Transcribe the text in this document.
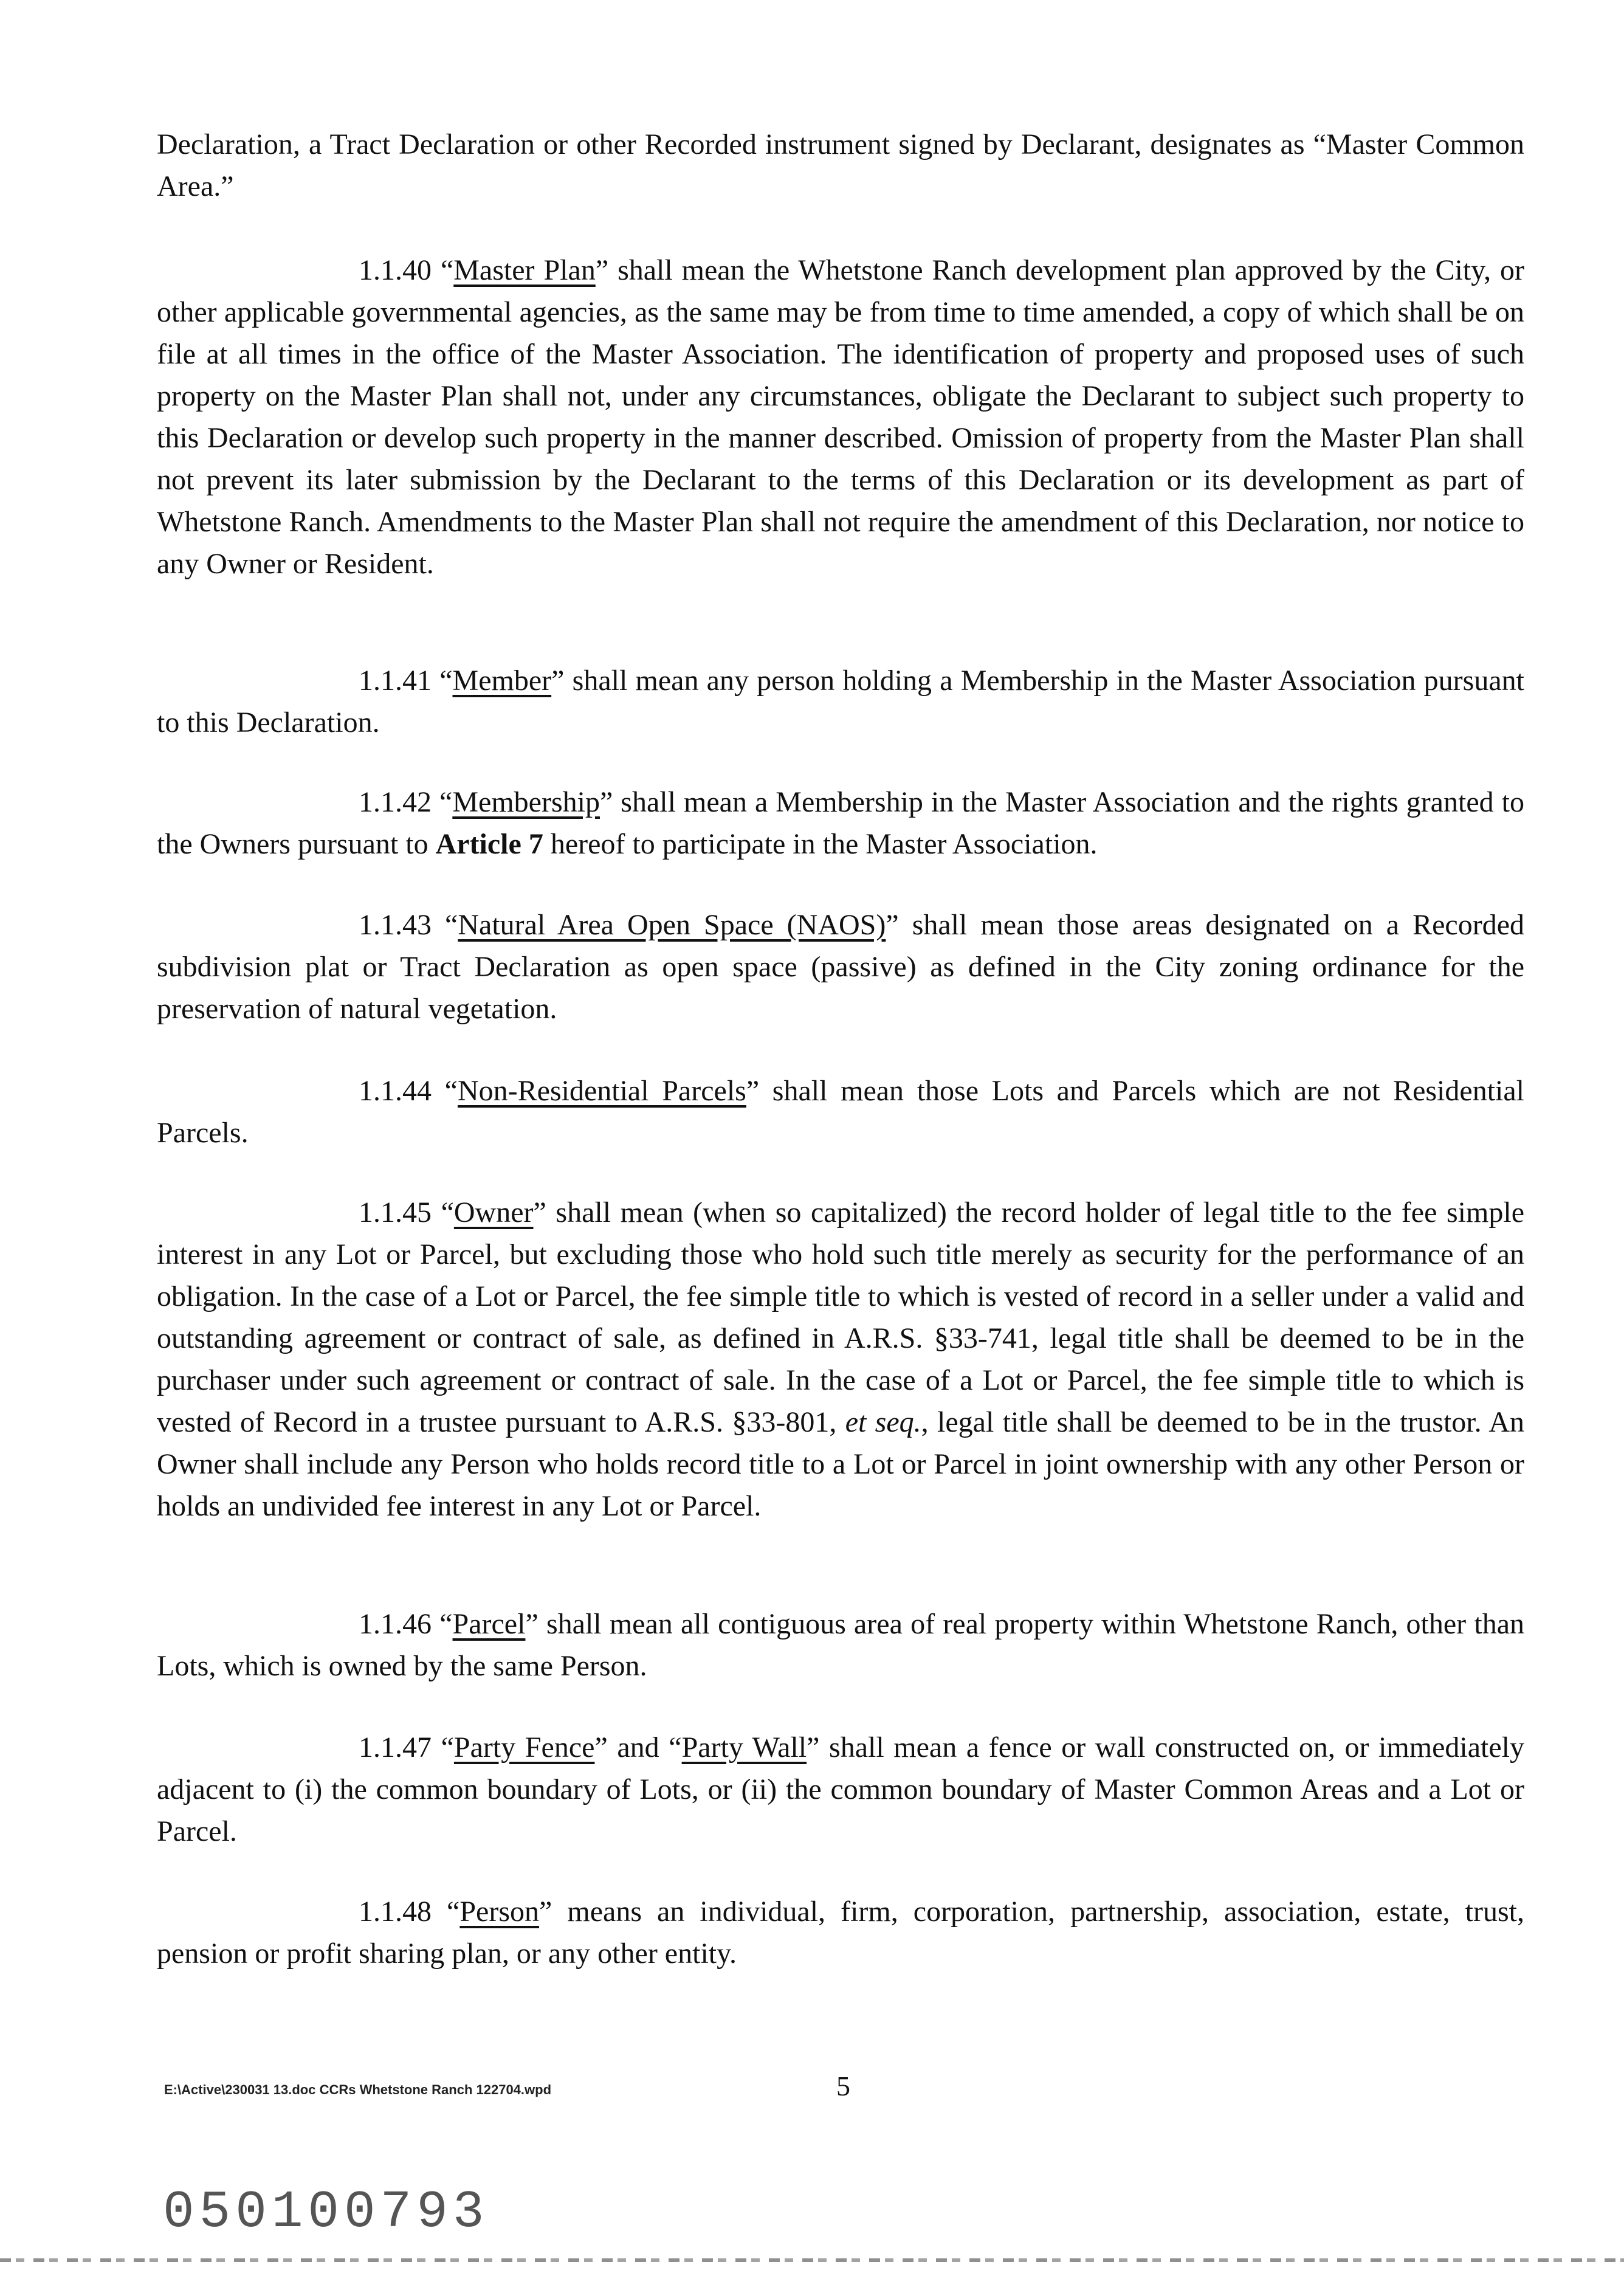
Declaration, a Tract Declaration or other Recorded instrument signed by Declarant, designates as “Master Common Area.”

1.1.40 “Master Plan” shall mean the Whetstone Ranch development plan approved by the City, or other applicable governmental agencies, as the same may be from time to time amended, a copy of which shall be on file at all times in the office of the Master Association. The identification of property and proposed uses of such property on the Master Plan shall not, under any circumstances, obligate the Declarant to subject such property to this Declaration or develop such property in the manner described. Omission of property from the Master Plan shall not prevent its later submission by the Declarant to the terms of this Declaration or its development as part of Whetstone Ranch. Amendments to the Master Plan shall not require the amendment of this Declaration, nor notice to any Owner or Resident.

1.1.41 “Member” shall mean any person holding a Membership in the Master Association pursuant to this Declaration.

1.1.42 “Membership” shall mean a Membership in the Master Association and the rights granted to the Owners pursuant to Article 7 hereof to participate in the Master Association.

1.1.43 “Natural Area Open Space (NAOS)” shall mean those areas designated on a Recorded subdivision plat or Tract Declaration as open space (passive) as defined in the City zoning ordinance for the preservation of natural vegetation.

1.1.44 “Non-Residential Parcels” shall mean those Lots and Parcels which are not Residential Parcels.

1.1.45 “Owner” shall mean (when so capitalized) the record holder of legal title to the fee simple interest in any Lot or Parcel, but excluding those who hold such title merely as security for the performance of an obligation. In the case of a Lot or Parcel, the fee simple title to which is vested of record in a seller under a valid and outstanding agreement or contract of sale, as defined in A.R.S. §33-741, legal title shall be deemed to be in the purchaser under such agreement or contract of sale. In the case of a Lot or Parcel, the fee simple title to which is vested of Record in a trustee pursuant to A.R.S. §33-801, et seq., legal title shall be deemed to be in the trustor. An Owner shall include any Person who holds record title to a Lot or Parcel in joint ownership with any other Person or holds an undivided fee interest in any Lot or Parcel.

1.1.46 “Parcel” shall mean all contiguous area of real property within Whetstone Ranch, other than Lots, which is owned by the same Person.

1.1.47 “Party Fence” and “Party Wall” shall mean a fence or wall constructed on, or immediately adjacent to (i) the common boundary of Lots, or (ii) the common boundary of Master Common Areas and a Lot or Parcel.

1.1.48 “Person” means an individual, firm, corporation, partnership, association, estate, trust, pension or profit sharing plan, or any other entity.

E:\Active\230031 13.doc CCRs Whetstone Ranch 122704.wpd	5
050100793
